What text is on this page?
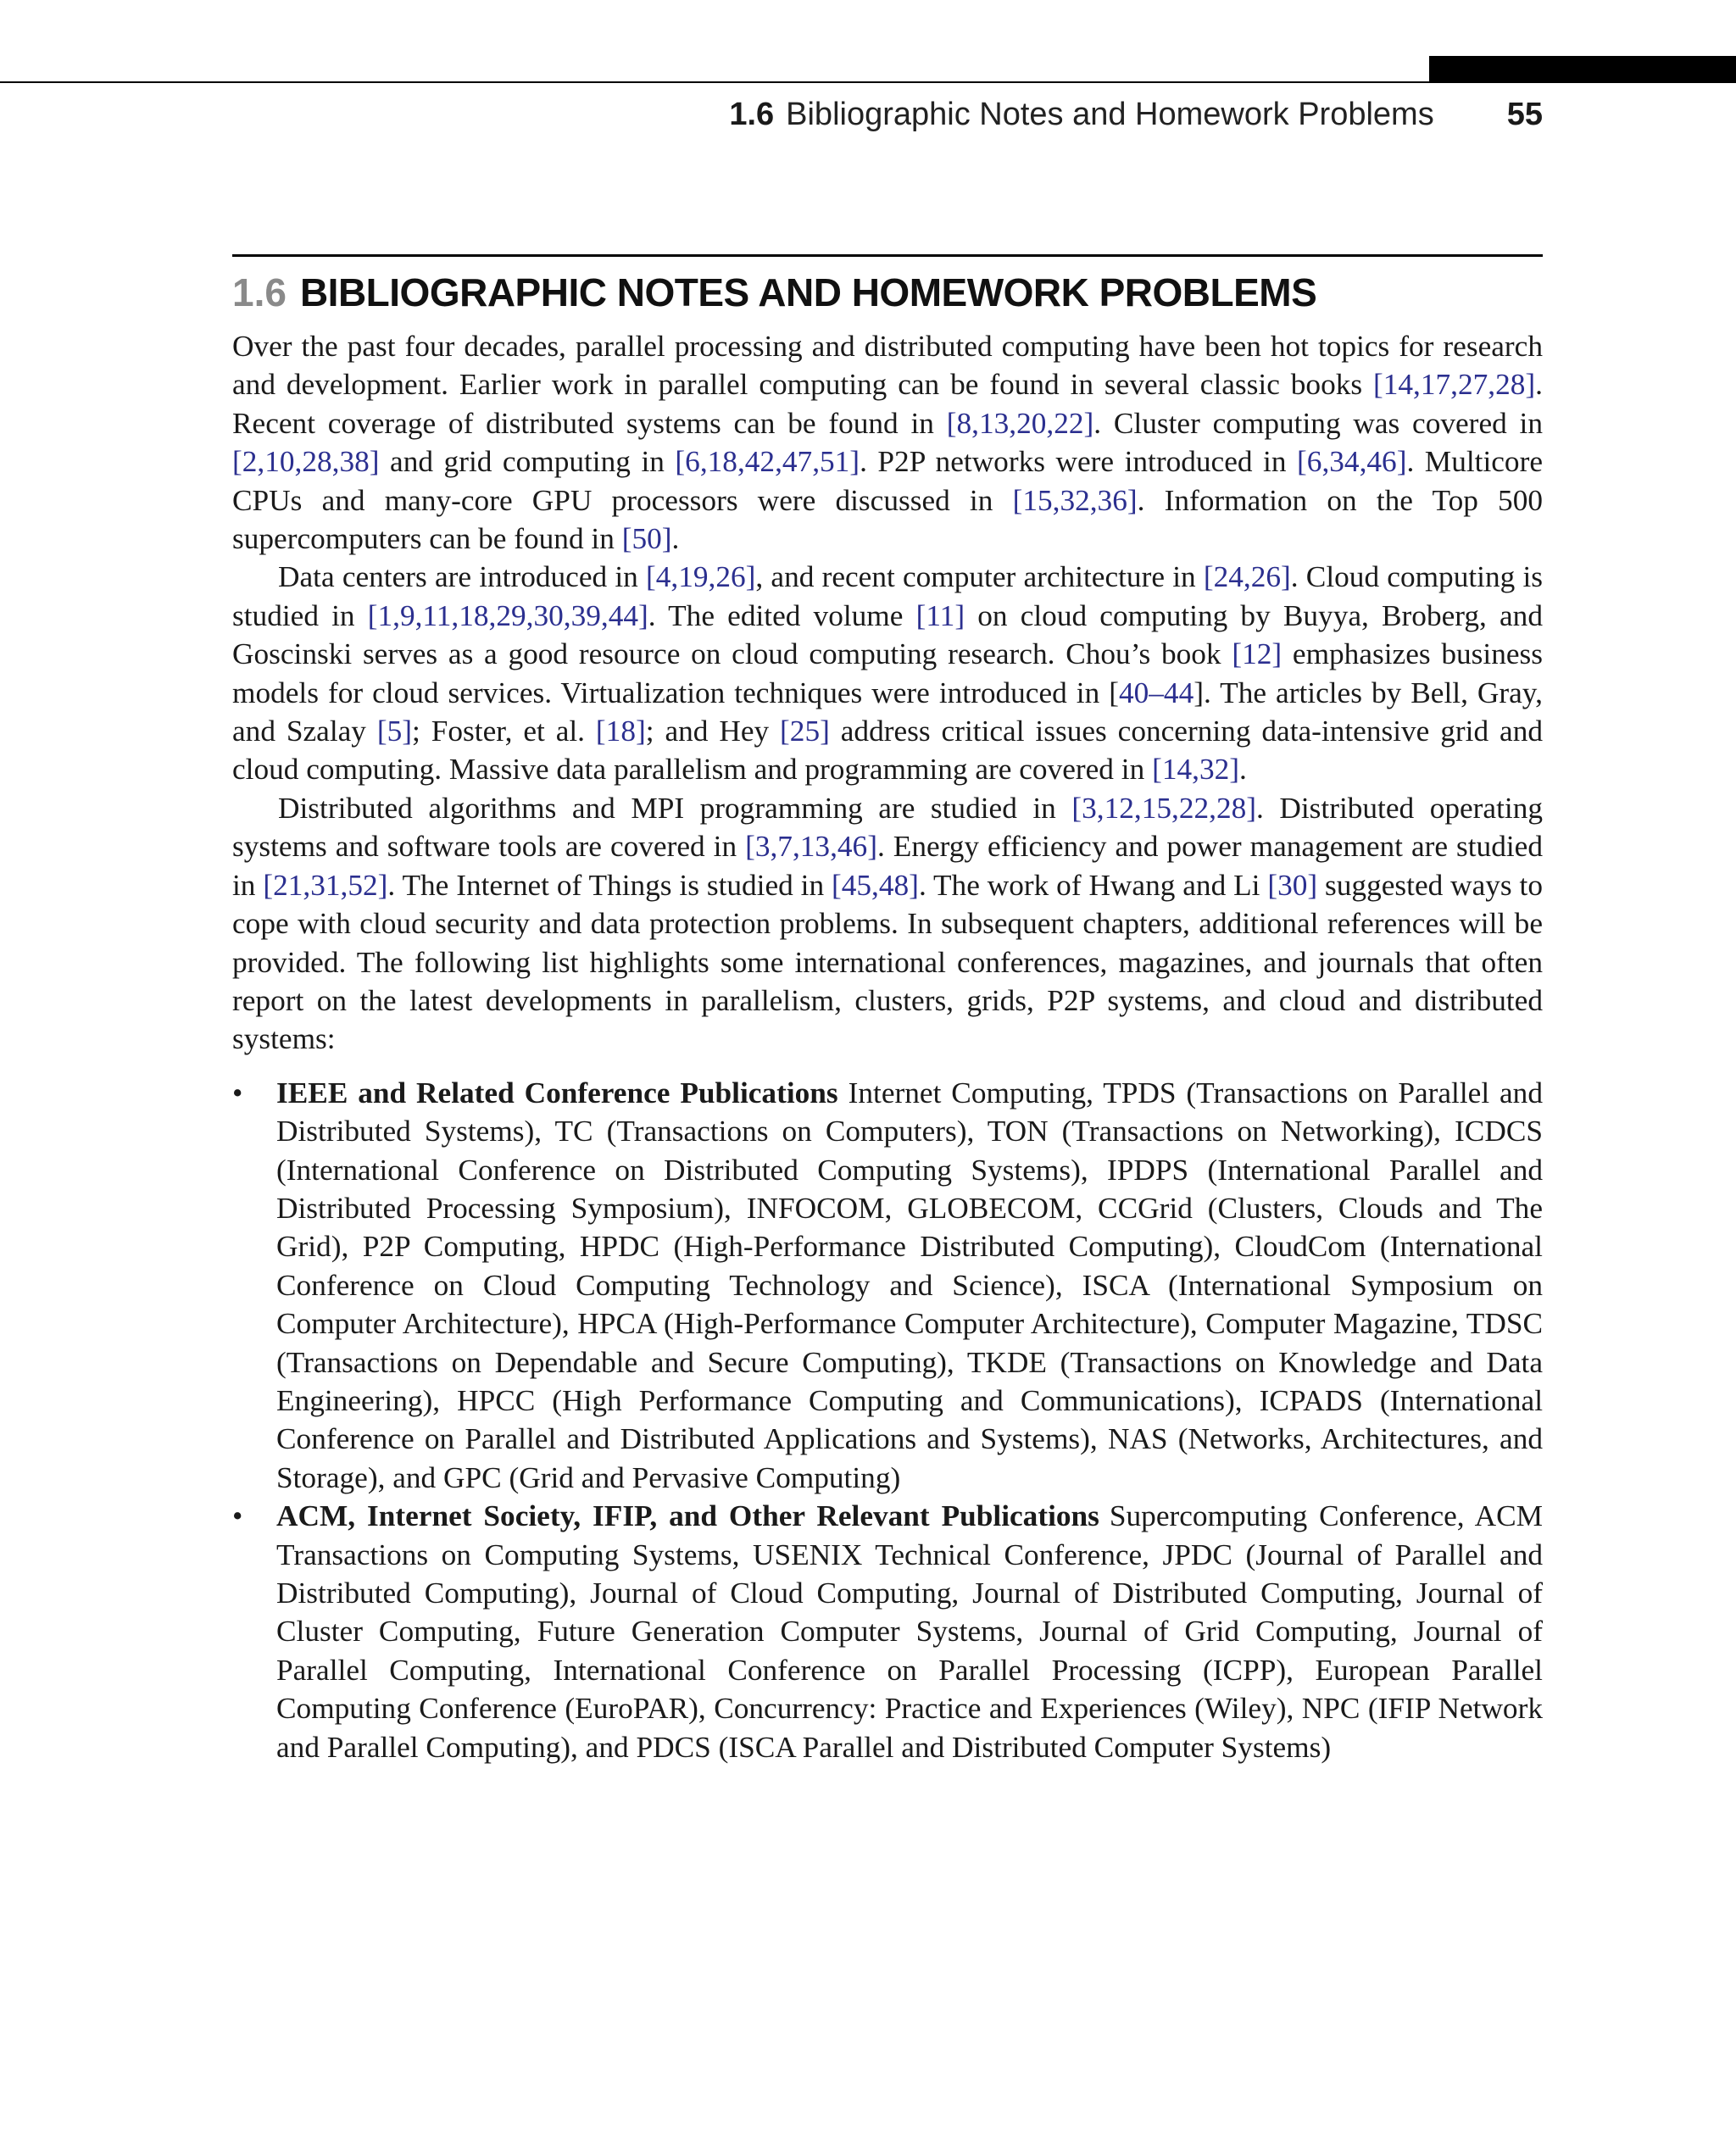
1.6 Bibliographic Notes and Homework Problems 55
1.6 BIBLIOGRAPHIC NOTES AND HOMEWORK PROBLEMS

Over the past four decades, parallel processing and distributed computing have been hot topics for research and development. Earlier work in parallel computing can be found in several classic books [14,17,27,28]. Recent coverage of distributed systems can be found in [8,13,20,22]. Cluster computing was covered in [2,10,28,38] and grid computing in [6,18,42,47,51]. P2P networks were introduced in [6,34,46]. Multicore CPUs and many-core GPU processors were discussed in [15,32,36]. Information on the Top 500 supercomputers can be found in [50].

Data centers are introduced in [4,19,26], and recent computer architecture in [24,26]. Cloud computing is studied in [1,9,11,18,29,30,39,44]. The edited volume [11] on cloud computing by Buyya, Broberg, and Goscinski serves as a good resource on cloud computing research. Chou’s book [12] emphasizes business models for cloud services. Virtualization techniques were introduced in [40–44]. The articles by Bell, Gray, and Szalay [5]; Foster, et al. [18]; and Hey [25] address critical issues concerning data-intensive grid and cloud computing. Massive data parallelism and programming are covered in [14,32].

Distributed algorithms and MPI programming are studied in [3,12,15,22,28]. Distributed operating systems and software tools are covered in [3,7,13,46]. Energy efficiency and power management are studied in [21,31,52]. The Internet of Things is studied in [45,48]. The work of Hwang and Li [30] suggested ways to cope with cloud security and data protection problems. In subsequent chapters, additional references will be provided. The following list highlights some international conferences, magazines, and journals that often report on the latest developments in parallelism, clusters, grids, P2P systems, and cloud and distributed systems:

• IEEE and Related Conference Publications Internet Computing, TPDS (Transactions on Parallel and Distributed Systems), TC (Transactions on Computers), TON (Transactions on Networking), ICDCS (International Conference on Distributed Computing Systems), IPDPS (International Parallel and Distributed Processing Symposium), INFOCOM, GLOBECOM, CCGrid (Clusters, Clouds and The Grid), P2P Computing, HPDC (High-Performance Distributed Computing), CloudCom (International Conference on Cloud Computing Technology and Science), ISCA (International Symposium on Computer Architecture), HPCA (High-Performance Computer Architecture), Computer Magazine, TDSC (Transactions on Dependable and Secure Computing), TKDE (Transactions on Knowledge and Data Engineering), HPCC (High Performance Computing and Communications), ICPADS (International Conference on Parallel and Distributed Applications and Systems), NAS (Networks, Architectures, and Storage), and GPC (Grid and Pervasive Computing)
• ACM, Internet Society, IFIP, and Other Relevant Publications Supercomputing Conference, ACM Transactions on Computing Systems, USENIX Technical Conference, JPDC (Journal of Parallel and Distributed Computing), Journal of Cloud Computing, Journal of Distributed Computing, Journal of Cluster Computing, Future Generation Computer Systems, Journal of Grid Computing, Journal of Parallel Computing, International Conference on Parallel Processing (ICPP), European Parallel Computing Conference (EuroPAR), Concurrency: Practice and Experiences (Wiley), NPC (IFIP Network and Parallel Computing), and PDCS (ISCA Parallel and Distributed Computer Systems)
